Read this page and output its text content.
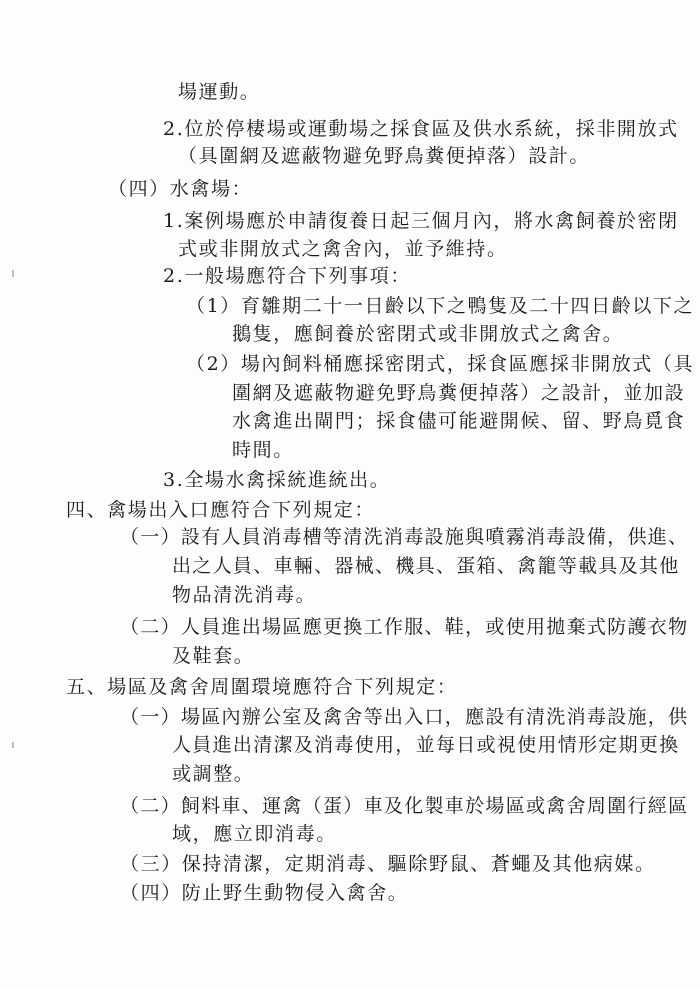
場運動。
2.位於停棲場或運動場之採食區及供水系統，採非開放式
（具圍網及遮蔽物避免野鳥糞便掉落）設計。
（四）水禽場：
1.案例場應於申請復養日起三個月內，將水禽飼養於密閉
式或非開放式之禽舍內，並予維持。
2.一般場應符合下列事項：
（1）育雛期二十一日齡以下之鴨隻及二十四日齡以下之
鵝隻，應飼養於密閉式或非開放式之禽舍。
（2）場內飼料桶應採密閉式，採食區應採非開放式（具
圍網及遮蔽物避免野鳥糞便掉落）之設計，並加設
水禽進出閘門；採食儘可能避開候、留、野鳥覓食
時間。
3.全場水禽採統進統出。
四、禽場出入口應符合下列規定：
（一）設有人員消毒槽等清洗消毒設施與噴霧消毒設備，供進、
出之人員、車輛、器械、機具、蛋箱、禽籠等載具及其他
物品清洗消毒。
（二）人員進出場區應更換工作服、鞋，或使用拋棄式防護衣物
及鞋套。
五、場區及禽舍周圍環境應符合下列規定：
（一）場區內辦公室及禽舍等出入口，應設有清洗消毒設施，供
人員進出清潔及消毒使用，並每日或視使用情形定期更換
或調整。
（二）飼料車、運禽（蛋）車及化製車於場區或禽舍周圍行經區
域，應立即消毒。
（三）保持清潔，定期消毒、驅除野鼠、蒼蠅及其他病媒。
（四）防止野生動物侵入禽舍。
